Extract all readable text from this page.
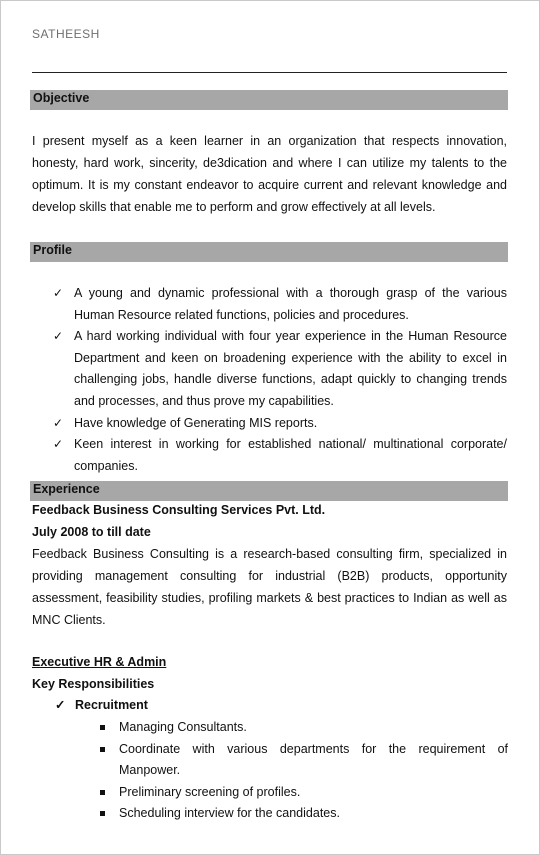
SATHEESH
Objective
I present myself as a keen learner in an organization that respects innovation, honesty, hard work, sincerity, de3dication and where I can utilize my talents to the optimum. It is my constant endeavor to acquire current and relevant knowledge and develop skills that enable me to perform and grow effectively at all levels.
Profile
✓ A young and dynamic professional with a thorough grasp of the various Human Resource related functions, policies and procedures.
✓ A hard working individual with four year experience in the Human Resource Department and keen on broadening experience with the ability to excel in challenging jobs, handle diverse functions, adapt quickly to changing trends and processes, and thus prove my capabilities.
✓ Have knowledge of Generating MIS reports.
✓ Keen interest in working for established national/ multinational corporate/ companies.
Experience
Feedback Business Consulting Services Pvt. Ltd.
July 2008 to till date
Feedback Business Consulting is a research-based consulting firm, specialized in providing management consulting for industrial (B2B) products, opportunity assessment, feasibility studies, profiling markets & best practices to Indian as well as MNC Clients.
Executive HR & Admin
Key Responsibilities
✓ Recruitment
Managing Consultants.
Coordinate with various departments for the requirement of Manpower.
Preliminary screening of profiles.
Scheduling interview for the candidates.
